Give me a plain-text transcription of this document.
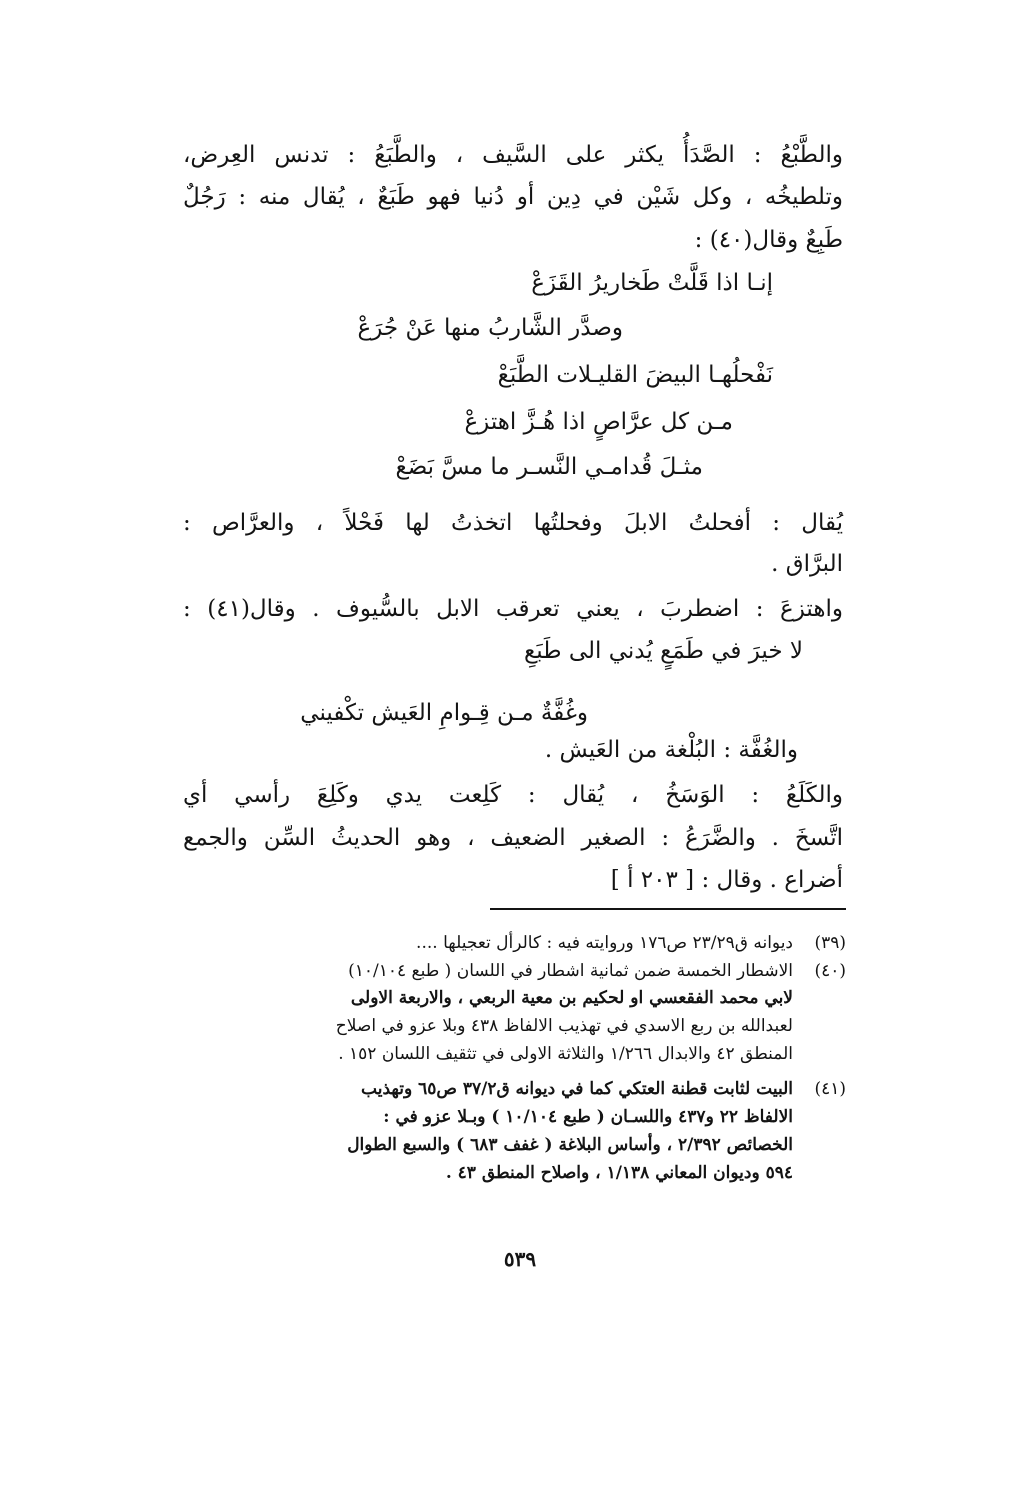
والطَّبْعُ : الصَّدَأُ يكثر على السَّيف ، والطَّبَعُ : تدنس العِرض،
وتلطيخُه ، وكل شَيْن في دِين أو دُنيا فهو طَبَعٌ ، يُقال منه : رَجُلٌ
طَبِعٌ وقال(٤٠) :
إنـا اذا قَلَّتْ طَخاريرُ القَزَعْ
وصدَّر الشَّاربُ منها عَنْ جُرَعْ
نَفْحلُهـا البيضَ القليـلات الطَّبَعْ
مـن كل عرَّاصٍ اذا هُـزَّ اهتزعْ
مثـلَ قُدامـي النَّسـر ما مسَّ بَضَعْ
يُقال : أفحلتُ الابلَ وفحلتُها اتخذتُ لها فَحْلاً ، والعرَّاص :
البرَّاق .
واهتزعَ : اضطربَ ، يعني تعرقب الابل بالسُّيوف . وقال(٤١) :
لا خيرَ في طَمَعٍ يُدني الى طَبَعِ
وغُفَّةٌ مـن قِـوامِ العَيش تكْفيني
والغُفَّة : البُلْغة من العَيش .
والكَلَعُ : الوَسَخُ ، يُقال : كَلِعت يدي وكَلِعَ رأسي أي
اتَّسخَ . والضَّرَعُ : الصغير الضعيف ، وهو الحديثُ السِّن والجمع
أضراع . وقال : [ ٢٠٣ أ ]
(٣٩)
ديوانه ق٢٣/٢٩ ص١٧٦ وروايته فيه : كالرأل تعجيلها ....
(٤٠)
الاشطار الخمسة ضمن ثمانية اشطار في اللسان ( طبع ١٠/١٠٤)
لابي محمد الفقعسي او لحكيم بن معية الربعي ، والاربعة الاولى
لعبدالله بن ربع الاسدي في تهذيب الالفاظ ٤٣٨ وبلا عزو في اصلاح
المنطق ٤٢ والابدال ١/٢٦٦ والثلاثة الاولى في تثقيف اللسان ١٥٢ .
(٤١)
البيت لثابت قطنة العتكي كما في ديوانه ق٣٧/٢ ص٦٥ وتهذيب
الالفاظ ٢٢ و٤٣٧ واللسـان ( طبع ١٠/١٠٤ ) وبـلا عزو في :
الخصائص ٢/٣٩٢ ، وأساس البلاغة ( غفف ٦٨٣ ) والسبع الطوال
٥٩٤ وديوان المعاني ١/١٣٨ ، واصلاح المنطق ٤٣ .
٥٣٩
